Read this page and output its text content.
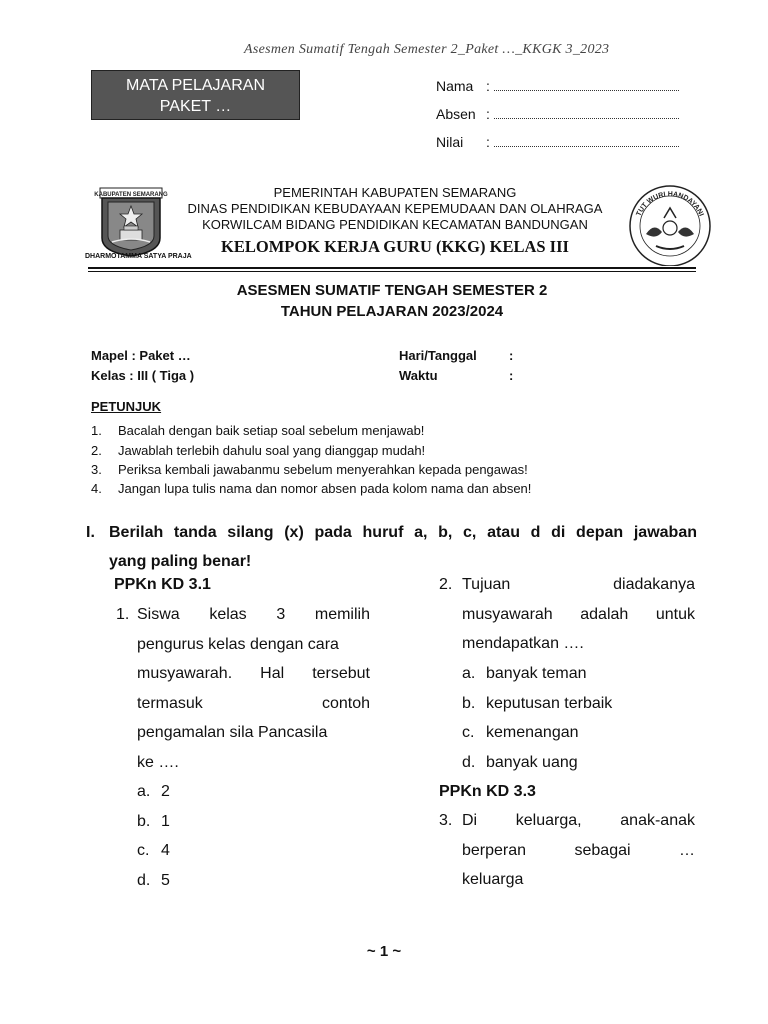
Asesmen Sumatif Tengah Semester 2_Paket …_KKGK 3_2023
MATA PELAJARAN
PAKET …
Nama :
Absen :
Nilai :
KABUPATEN SEMARANG
DHARMOTAMMA SATYA PRAJA
PEMERINTAH KABUPATEN SEMARANG
DINAS PENDIDIKAN KEBUDAYAAN KEPEMUDAAN DAN OLAHRAGA
KORWILCAM BIDANG PENDIDIKAN KECAMATAN BANDUNGAN
KELOMPOK KERJA GURU (KKG) KELAS III
TUT WURI HANDAYANI
ASESMEN SUMATIF TENGAH SEMESTER 2
TAHUN PELAJARAN 2023/2024
Mapel : Paket …
Kelas : III ( Tiga )
Hari/Tanggal :
Waktu	:
PETUNJUK
1. Bacalah dengan baik setiap soal sebelum menjawab!
2. Jawablah terlebih dahulu soal yang dianggap mudah!
3. Periksa kembali jawabanmu sebelum menyerahkan kepada pengawas!
4. Jangan lupa tulis nama dan nomor absen pada kolom nama dan absen!
I. Berilah tanda silang (x) pada huruf a, b, c, atau d di depan jawaban
yang paling benar!
PPKn KD 3.1
1. Siswa kelas 3 memilih
pengurus kelas dengan cara
musyawarah. Hal tersebut
termasuk contoh
pengamalan sila Pancasila
ke ….
a. 2
b. 1
c. 4
d. 5
2. Tujuan diadakanya
musyawarah adalah untuk
mendapatkan ….
a. banyak teman
b. keputusan terbaik
c. kemenangan
d. banyak uang
PPKn KD 3.3
3. Di keluarga, anak-anak
berperan sebagai …
keluarga
~ 1 ~
